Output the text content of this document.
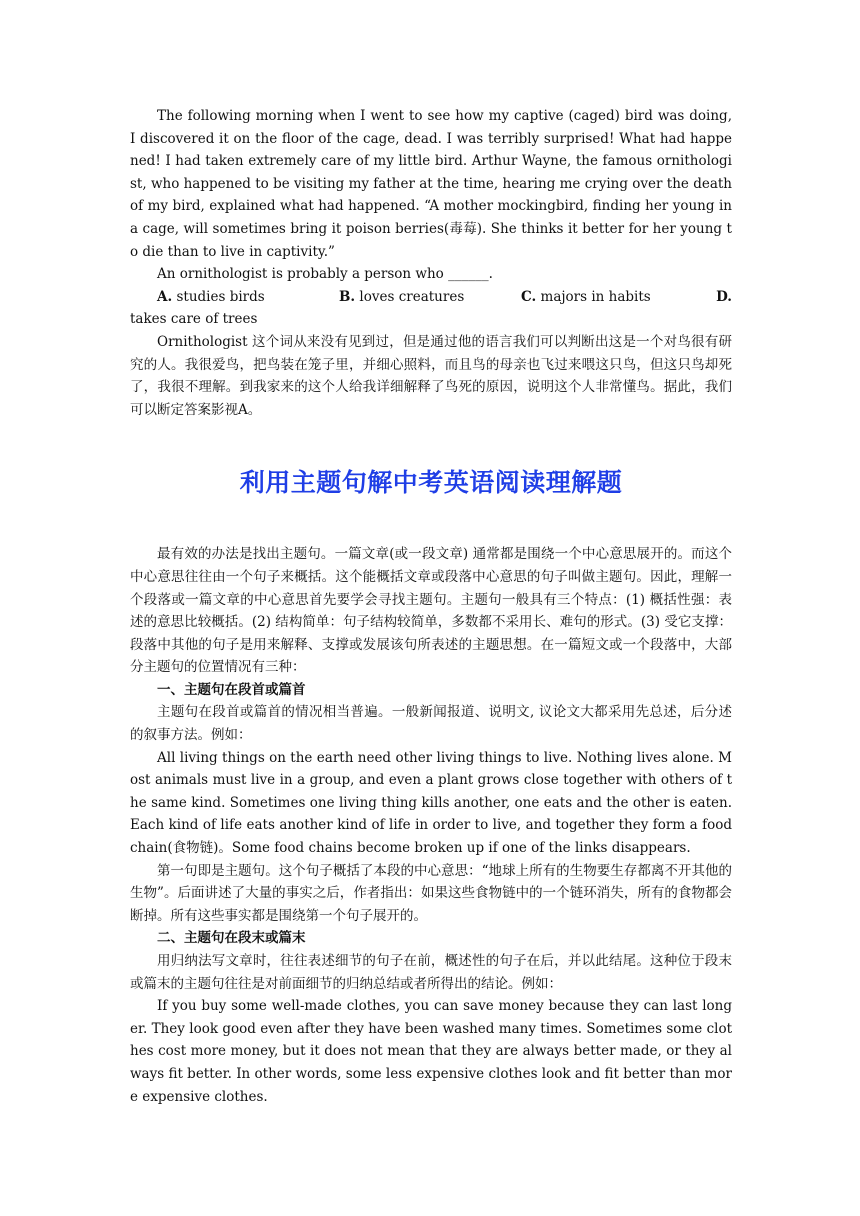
The following morning when I went to see how my captive (caged) bird was doing, I discovered it on the floor of the cage, dead. I was terribly surprised! What had happened! I had taken extremely care of my little bird. Arthur Wayne, the famous ornithologist, who happened to be visiting my father at the time, hearing me crying over the death of my bird, explained what had happened. “A mother mockingbird, finding her young in a cage, will sometimes bring it poison berries(毒莓). She thinks it better for her young to die than to live in captivity.”

An ornithologist is probably a person who ______.

A. studies birds	B. loves creatures	C. majors in habits	D.

takes care of trees

Ornithologist 这个词从来没有见到过，但是通过他的语言我们可以判断出这是一个对鸟很有研究的人。我很爱鸟，把鸟装在笼子里，并细心照料，而且鸟的母亲也飞过来喂这只鸟，但这只鸟却死了，我很不理解。到我家来的这个人给我详细解释了鸟死的原因，说明这个人非常懂鸟。据此，我们可以断定答案影视A。

利用主题句解中考英语阅读理解题

最有效的办法是找出主题句。一篇文章(或一段文章) 通常都是围绕一个中心意思展开的。而这个中心意思往往由一个句子来概括。这个能概括文章或段落中心意思的句子叫做主题句。因此，理解一个段落或一篇文章的中心意思首先要学会寻找主题句。主题句一般具有三个特点：(1) 概括性强：表述的意思比较概括。(2) 结构简单：句子结构较简单，多数都不采用长、难句的形式。(3) 受它支撑：段落中其他的句子是用来解释、支撑或发展该句所表述的主题思想。在一篇短文或一个段落中，大部分主题句的位置情况有三种：

一、主题句在段首或篇首

主题句在段首或篇首的情况相当普遍。一般新闻报道、说明文, 议论文大都采用先总述，后分述的叙事方法。例如：

All living things on the earth need other living things to live. Nothing lives alone. Most animals must live in a group, and even a plant grows close together with others of the same kind. Sometimes one living thing kills another, one eats and the other is eaten. Each kind of life eats another kind of life in order to live, and together they form a food chain(食物链)。Some food chains become broken up if one of the links disappears.

第一句即是主题句。这个句子概括了本段的中心意思：“地球上所有的生物要生存都离不开其他的生物”。后面讲述了大量的事实之后，作者指出：如果这些食物链中的一个链环消失，所有的食物都会断掉。所有这些事实都是围绕第一个句子展开的。

二、主题句在段末或篇末

用归纳法写文章时，往往表述细节的句子在前，概述性的句子在后，并以此结尾。这种位于段末或篇末的主题句往往是对前面细节的归纳总结或者所得出的结论。例如：

If you buy some well-made clothes, you can save money because they can last longer. They look good even after they have been washed many times. Sometimes some clothes cost more money, but it does not mean that they are always better made, or they always fit better. In other words, some less expensive clothes look and fit better than more expensive clothes.
